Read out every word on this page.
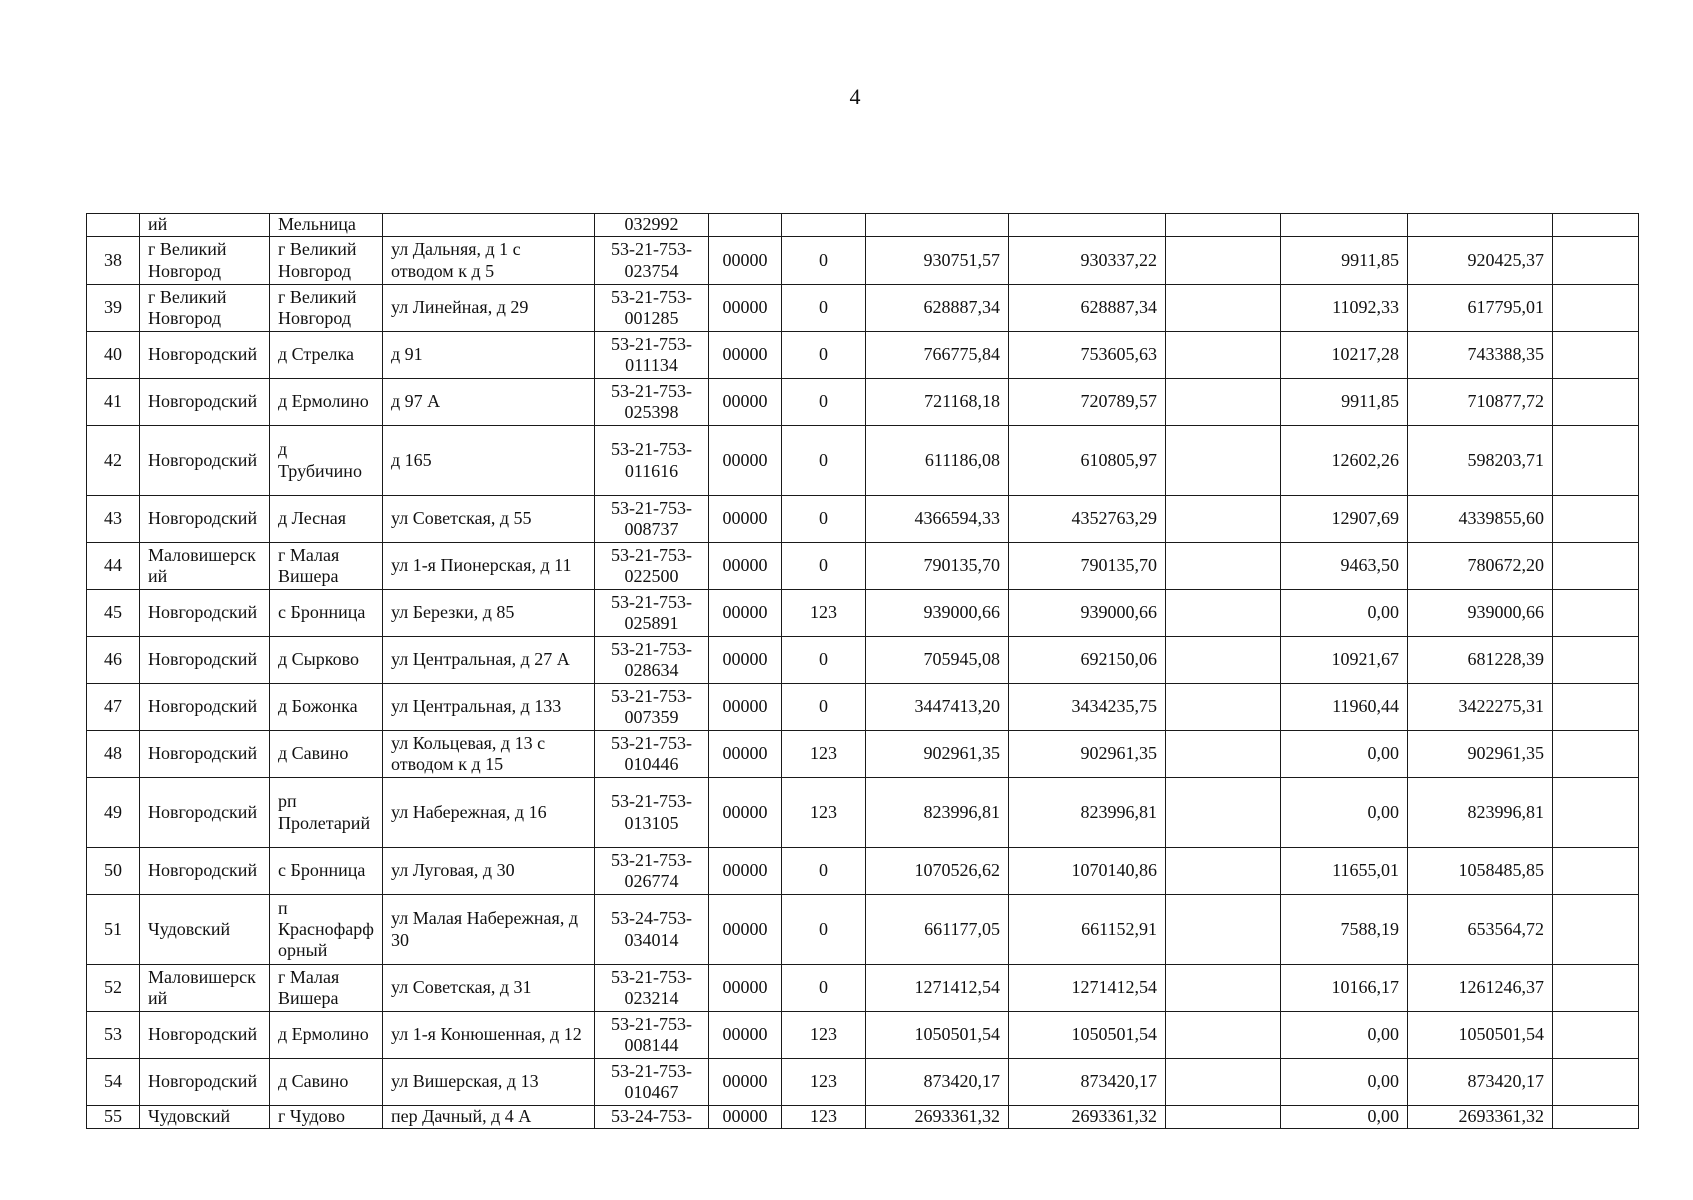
4
	ий	Мельница		032992								
38	г Великий Новгород	г Великий Новгород	ул Дальняя, д 1 с отводом к д 5	53-21-753-023754	00000	0	930751,57	930337,22		9911,85	920425,37	
39	г Великий Новгород	г Великий Новгород	ул Линейная, д 29	53-21-753-001285	00000	0	628887,34	628887,34		11092,33	617795,01	
40	Новгородский	д Стрелка	д 91	53-21-753-011134	00000	0	766775,84	753605,63		10217,28	743388,35	
41	Новгородский	д Ермолино	д 97 А	53-21-753-025398	00000	0	721168,18	720789,57		9911,85	710877,72	
42	Новгородский	д Трубичино	д 165	53-21-753-011616	00000	0	611186,08	610805,97		12602,26	598203,71	
43	Новгородский	д Лесная	ул Советская, д 55	53-21-753-008737	00000	0	4366594,33	4352763,29		12907,69	4339855,60	
44	Маловишерский	г Малая Вишера	ул 1-я Пионерская, д 11	53-21-753-022500	00000	0	790135,70	790135,70		9463,50	780672,20	
45	Новгородский	с Бронница	ул Березки, д 85	53-21-753-025891	00000	123	939000,66	939000,66		0,00	939000,66	
46	Новгородский	д Сырково	ул Центральная, д 27 А	53-21-753-028634	00000	0	705945,08	692150,06		10921,67	681228,39	
47	Новгородский	д Божонка	ул Центральная, д 133	53-21-753-007359	00000	0	3447413,20	3434235,75		11960,44	3422275,31	
48	Новгородский	д Савино	ул Кольцевая, д 13 с отводом к д 15	53-21-753-010446	00000	123	902961,35	902961,35		0,00	902961,35	
49	Новгородский	рп Пролетарий	ул Набережная, д 16	53-21-753-013105	00000	123	823996,81	823996,81		0,00	823996,81	
50	Новгородский	с Бронница	ул Луговая, д 30	53-21-753-026774	00000	0	1070526,62	1070140,86		11655,01	1058485,85	
51	Чудовский	п Краснофарфорный	ул Малая Набережная, д 30	53-24-753-034014	00000	0	661177,05	661152,91		7588,19	653564,72	
52	Маловишерский	г Малая Вишера	ул Советская, д 31	53-21-753-023214	00000	0	1271412,54	1271412,54		10166,17	1261246,37	
53	Новгородский	д Ермолино	ул 1-я Конюшенная, д 12	53-21-753-008144	00000	123	1050501,54	1050501,54		0,00	1050501,54	
54	Новгородский	д Савино	ул Вишерская, д 13	53-21-753-010467	00000	123	873420,17	873420,17		0,00	873420,17	
55	Чудовский	г Чудово	пер Дачный, д 4 А	53-24-753-	00000	123	2693361,32	2693361,32		0,00	2693361,32	
